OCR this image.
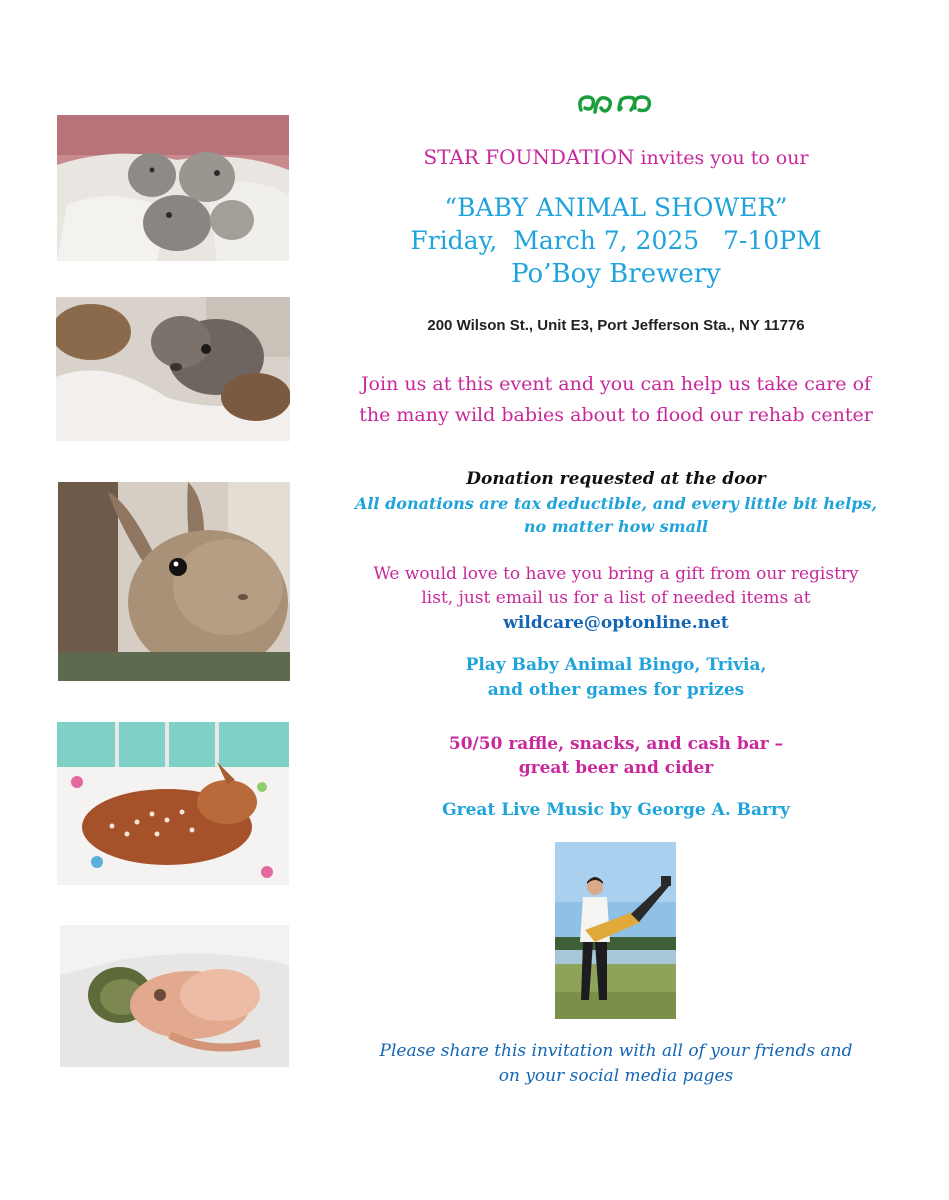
STAR FOUNDATION invites you to our

“BABY ANIMAL SHOWER”

Friday,  March 7, 2025   7-10PM

Po’Boy Brewery

200 Wilson St., Unit E3, Port Jefferson Sta., NY 11776

Join us at this event and you can help us take care of

the many wild babies about to flood our rehab center

Donation requested at the door

All donations are tax deductible, and every little bit helps,

no matter how small

We would love to have you bring a gift from our registry

list, just email us for a list of needed items at

wildcare@optonline.net

Play Baby Animal Bingo, Trivia,

and other games for prizes

50/50 raffle, snacks, and cash bar –

great beer and cider

Great Live Music by George A. Barry

Please share this invitation with all of your friends and

on your social media pages
